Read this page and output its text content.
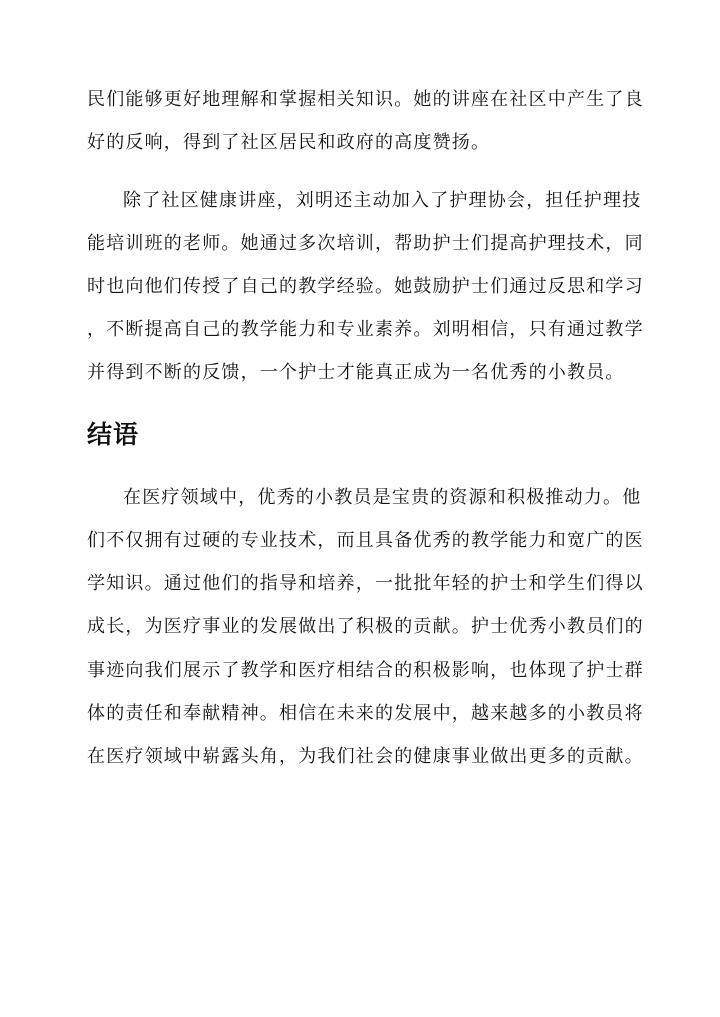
民们能够更好地理解和掌握相关知识。她的讲座在社区中产生了良
好的反响，得到了社区居民和政府的高度赞扬。
除了社区健康讲座，刘明还主动加入了护理协会，担任护理技
能培训班的老师。她通过多次培训，帮助护士们提高护理技术，同
时也向他们传授了自己的教学经验。她鼓励护士们通过反思和学习
，不断提高自己的教学能力和专业素养。刘明相信，只有通过教学
并得到不断的反馈，一个护士才能真正成为一名优秀的小教员。
结语
在医疗领域中，优秀的小教员是宝贵的资源和积极推动力。他
们不仅拥有过硬的专业技术，而且具备优秀的教学能力和宽广的医
学知识。通过他们的指导和培养，一批批年轻的护士和学生们得以
成长，为医疗事业的发展做出了积极的贡献。护士优秀小教员们的
事迹向我们展示了教学和医疗相结合的积极影响，也体现了护士群
体的责任和奉献精神。相信在未来的发展中，越来越多的小教员将
在医疗领域中崭露头角，为我们社会的健康事业做出更多的贡献。
